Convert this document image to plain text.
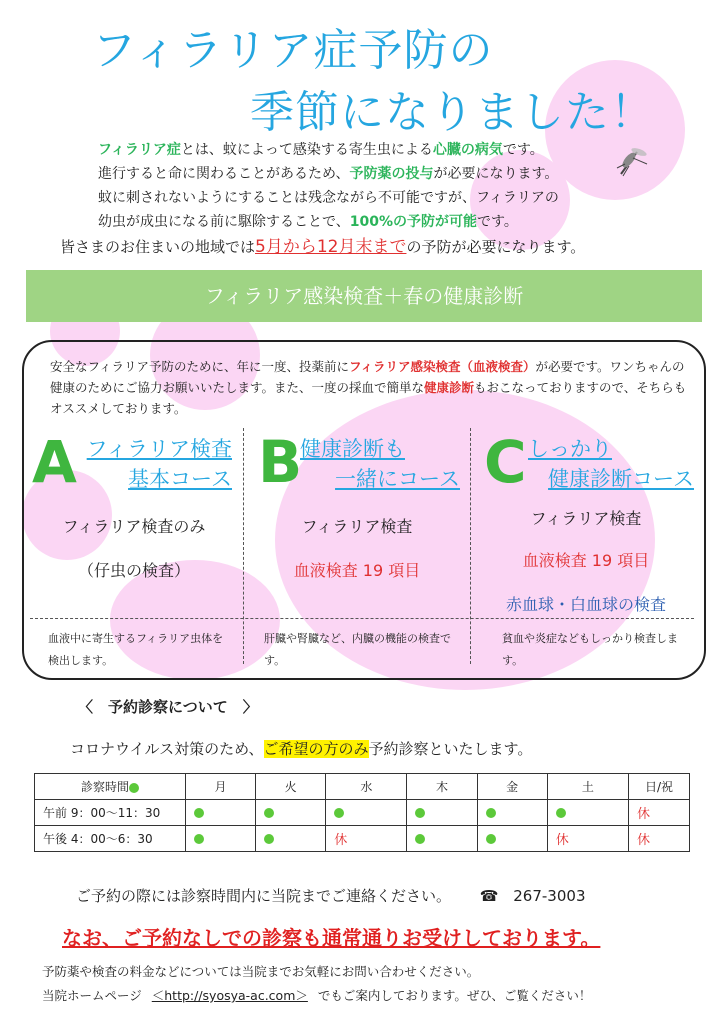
フィラリア症予防の
季節になりました！
フィラリア症とは、蚊によって感染する寄生虫による心臓の病気です。
進行すると命に関わることがあるため、予防薬の投与が必要になります。
蚊に刺されないようにすることは残念ながら不可能ですが、フィラリアの
幼虫が成虫になる前に駆除することで、100%の予防が可能です。
皆さまのお住まいの地域では5月から12月末までの予防が必要になります。
フィラリア感染検査＋春の健康診断
安全なフィラリア予防のために、年に一度、投薬前にフィラリア感染検査（血液検査）が必要です。ワンちゃんの健康のためにご協力お願いいたします。また、一度の採血で簡単な健康診断もおこなっておりますので、そちらもオススメしております。
A フィラリア検査
基本コース
フィラリア検査のみ
（仔虫の検査）
血液中に寄生するフィラリア虫体を検出します。
B
健康診断も
一緒にコース
フィラリア検査
血液検査 19 項目
肝臓や腎臓など、内臓の機能の検査です。
C しっかり
健康診断コース
フィラリア検査
血液検査 19 項目
赤血球・白血球の検査
貧血や炎症などもしっかり検査します。
〈　予約診察について　〉
コロナウイルス対策のため、ご希望の方のみ予約診察といたします。
診察時間	月	火	水	木	金	土	日/祝
午前 9：00〜11：30							休
午後 4：00〜6：30			休			休	休
ご予約の際には診察時間内に当院までご連絡ください。 ☎ 267-3003
なお、ご予約なしでの診察も通常通りお受けしております。
予防薬や検査の料金などについては当院までお気軽にお問い合わせください。
当院ホームページ ＜http://syosya-ac.com＞ でもご案内しております。ぜひ、ご覧ください！
